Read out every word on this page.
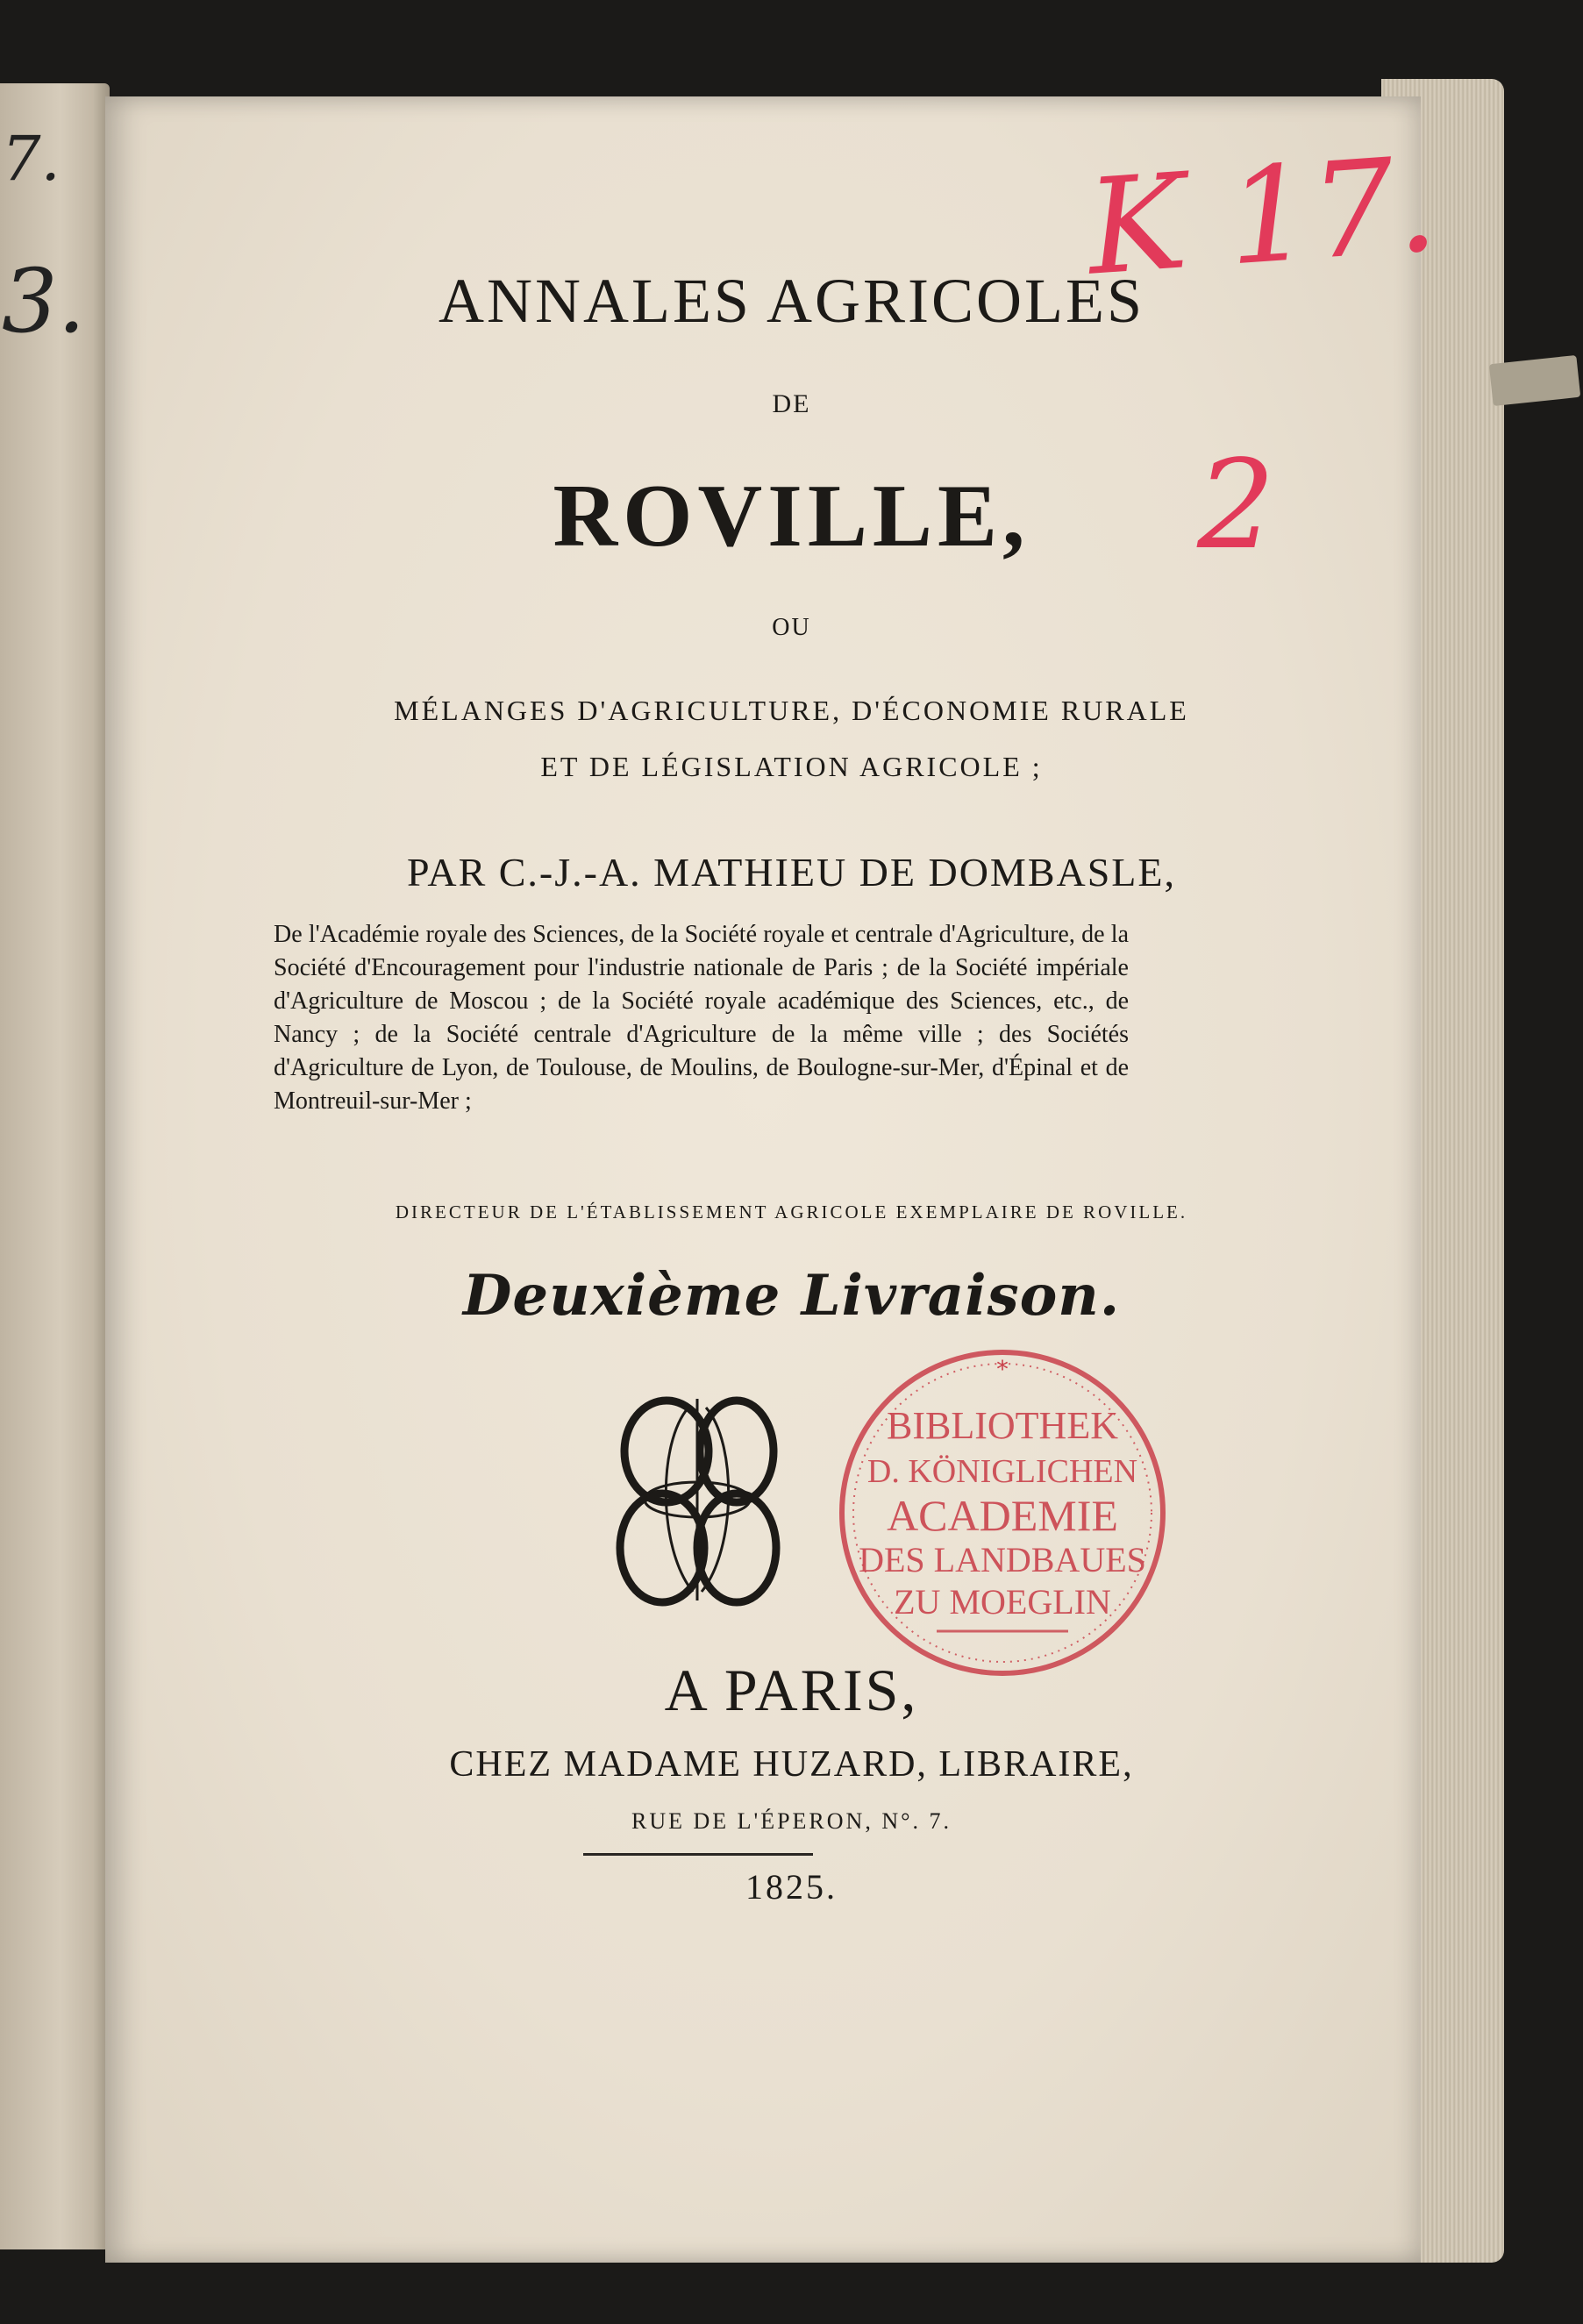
7.
3.	ANNALES AGRICOLES
DE
ROVILLE,
OU
MÉLANGES D'AGRICULTURE, D'ÉCONOMIE RURALE
ET DE LÉGISLATION AGRICOLE ;
PAR C.-J.-A. MATHIEU DE DOMBASLE,
De l'Académie royale des Sciences, de la Société royale et centrale d'Agriculture, de la Société d'Encouragement pour l'industrie nationale de Paris ; de la Société impériale d'Agriculture de Moscou ; de la Société royale académique des Sciences, etc., de Nancy ; de la Société centrale d'Agriculture de la même ville ; des Sociétés d'Agriculture de Lyon, de Toulouse, de Moulins, de Boulogne-sur-Mer, d'Épinal et de Montreuil-sur-Mer ;
DIRECTEUR DE L'ÉTABLISSEMENT AGRICOLE EXEMPLAIRE DE ROVILLE.
Deuxième Livraison.
A PARIS,
CHEZ MADAME HUZARD, LIBRAIRE,
RUE DE L'ÉPERON, N°. 7.
1825.
K 17.
2
*
BIBLIOTHEK
D. KÖNIGLICHEN
ACADEMIE
DES LANDBAUES
ZU MOEGLIN
